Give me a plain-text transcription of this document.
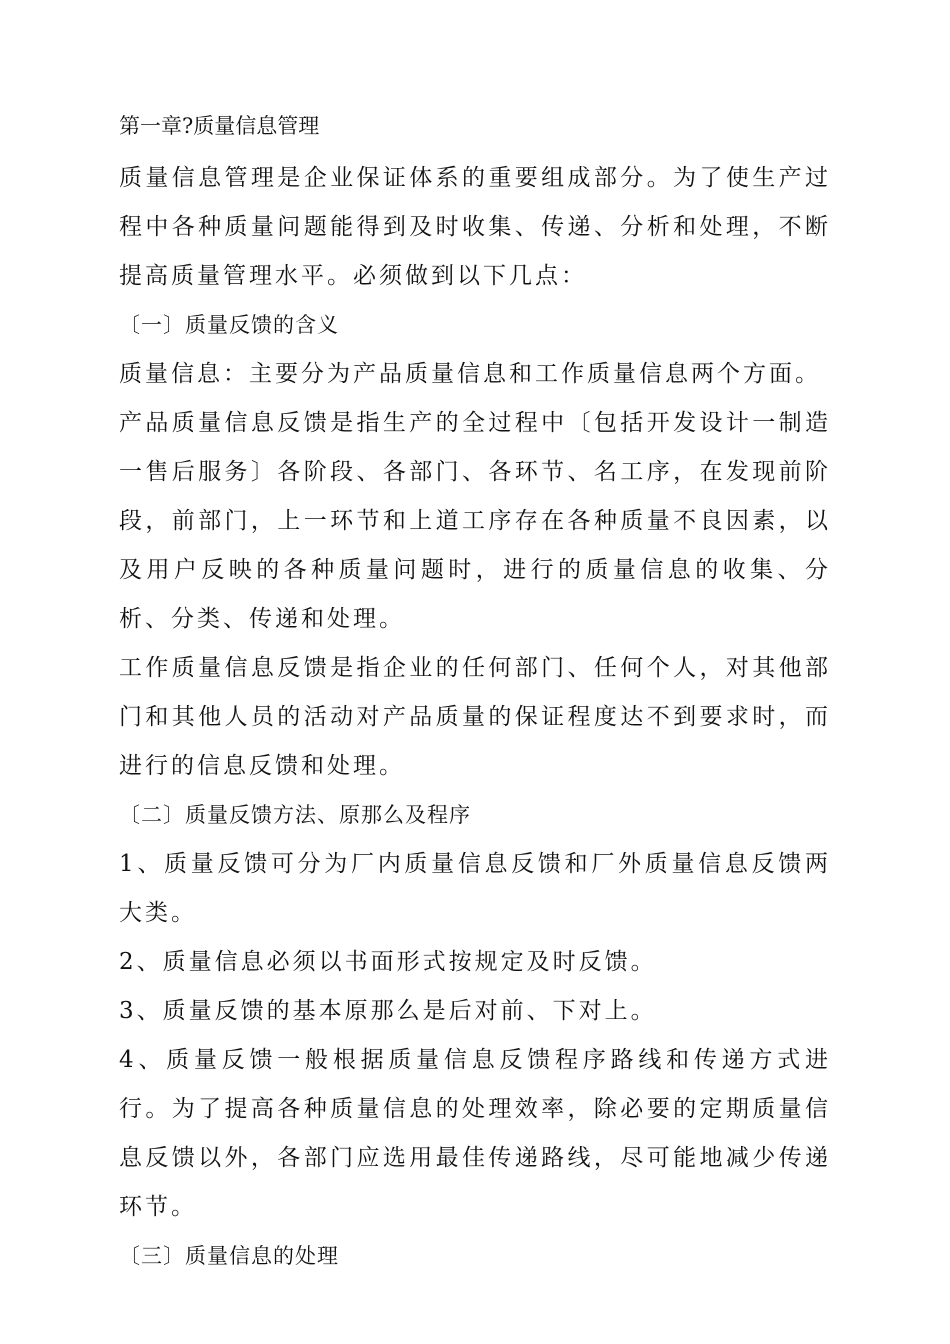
第一章?质量信息管理

质量信息管理是企业保证体系的重要组成部分。为了使生产过程中各种质量问题能得到及时收集、传递、分析和处理，不断提高质量管理水平。必须做到以下几点：

〔一〕质量反馈的含义

质量信息：主要分为产品质量信息和工作质量信息两个方面。

产品质量信息反馈是指生产的全过程中〔包括开发设计一制造一售后服务〕各阶段、各部门、各环节、名工序，在发现前阶段，前部门，上一环节和上道工序存在各种质量不良因素，以及用户反映的各种质量问题时，进行的质量信息的收集、分析、分类、传递和处理。

工作质量信息反馈是指企业的任何部门、任何个人，对其他部门和其他人员的活动对产品质量的保证程度达不到要求时，而进行的信息反馈和处理。

〔二〕质量反馈方法、原那么及程序

1、质量反馈可分为厂内质量信息反馈和厂外质量信息反馈两大类。

2、质量信息必须以书面形式按规定及时反馈。

3、质量反馈的基本原那么是后对前、下对上。

4、质量反馈一般根据质量信息反馈程序路线和传递方式进行。为了提高各种质量信息的处理效率，除必要的定期质量信息反馈以外，各部门应选用最佳传递路线，尽可能地减少传递环节。

〔三〕质量信息的处理
